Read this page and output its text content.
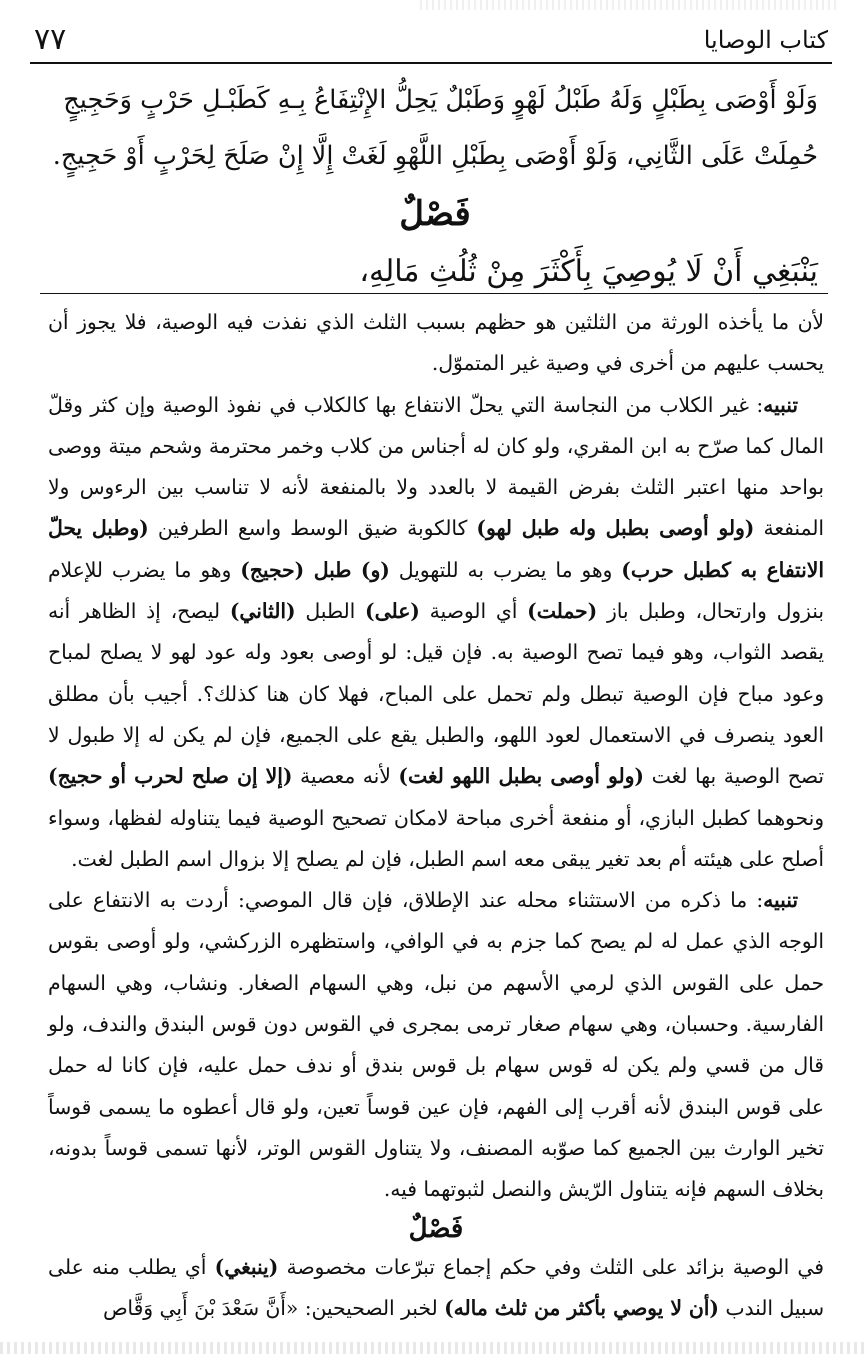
كتاب الوصايا
٧٧
وَلَوْ أَوْصَى بِطَبْلٍ وَلَهُ طَبْلُ لَهْوٍ وَطَبْلٌ يَحِلُّ الإِنْتِفَاعُ بِـهِ كَطَبْـلِ حَرْبٍ وَحَجِيجٍ
حُمِلَتْ عَلَى الثَّانِي، وَلَوْ أَوْصَى بِطَبْلِ اللَّهْوِ لَغَتْ إِلَّا إِنْ صَلَحَ لِحَرْبٍ أَوْ حَجِيجٍ.
فَصْلٌ
يَنْبَغِي أَنْ لَا يُوصِيَ بِأَكْثَرَ مِنْ ثُلُثِ مَالِهِ،

لأن ما يأخذه الورثة من الثلثين هو حظهم بسبب الثلث الذي نفذت فيه الوصية، فلا يجوز أن يحسب عليهم من أخرى في وصية غير المتموّل.

تنبيه: غير الكلاب من النجاسة التي يحلّ الانتفاع بها كالكلاب في نفوذ الوصية وإن كثر وقلّ المال كما صرّح به ابن المقري، ولو كان له أجناس من كلاب وخمر محترمة وشحم ميتة ووصى بواحد منها اعتبر الثلث بفرض القيمة لا بالعدد ولا بالمنفعة لأنه لا تناسب بين الرءوس ولا المنفعة (ولو أوصى بطبل وله طبل لهو) كالكوبة ضيق الوسط واسع الطرفين (وطبل يحلّ الانتفاع به كطبل حرب) وهو ما يضرب به للتهويل (و) طبل (حجيج) وهو ما يضرب للإعلام بنزول وارتحال، وطبل باز (حملت) أي الوصية (على) الطبل (الثاني) ليصح، إذ الظاهر أنه يقصد الثواب، وهو فيما تصح الوصية به. فإن قيل: لو أوصى بعود وله عود لهو لا يصلح لمباح وعود مباح فإن الوصية تبطل ولم تحمل على المباح، فهلا كان هنا كذلك؟. أجيب بأن مطلق العود ينصرف في الاستعمال لعود اللهو، والطبل يقع على الجميع، فإن لم يكن له إلا طبول لا تصح الوصية بها لغت (ولو أوصى بطبل اللهو لغت) لأنه معصية (إلا إن صلح لحرب أو حجيج) ونحوهما كطبل البازي، أو منفعة أخرى مباحة لامكان تصحيح الوصية فيما يتناوله لفظها، وسواء أصلح على هيئته أم بعد تغير يبقى معه اسم الطبل، فإن لم يصلح إلا بزوال اسم الطبل لغت.

تنبيه: ما ذكره من الاستثناء محله عند الإطلاق، فإن قال الموصي: أردت به الانتفاع على الوجه الذي عمل له لم يصح كما جزم به في الوافي، واستظهره الزركشي، ولو أوصى بقوس حمل على القوس الذي لرمي الأسهم من نبل، وهي السهام الصغار. ونشاب، وهي السهام الفارسية. وحسبان، وهي سهام صغار ترمى بمجرى في القوس دون قوس البندق والندف، ولو قال من قسي ولم يكن له قوس سهام بل قوس بندق أو ندف حمل عليه، فإن كانا له حمل على قوس البندق لأنه أقرب إلى الفهم، فإن عين قوساً تعين، ولو قال أعطوه ما يسمى قوساً تخير الوارث بين الجميع كما صوّبه المصنف، ولا يتناول القوس الوتر، لأنها تسمى قوساً بدونه، بخلاف السهم فإنه يتناول الرّيش والنصل لثبوتهما فيه.

فَصْلٌ

في الوصية بزائد على الثلث وفي حكم إجماع تبرّعات مخصوصة (ينبغي) أي يطلب منه على سبيل الندب (أن لا يوصي بأكثر من ثلث ماله) لخبر الصحيحين: «أَنَّ سَعْدَ بْنَ أَبِي وَقَّاص
